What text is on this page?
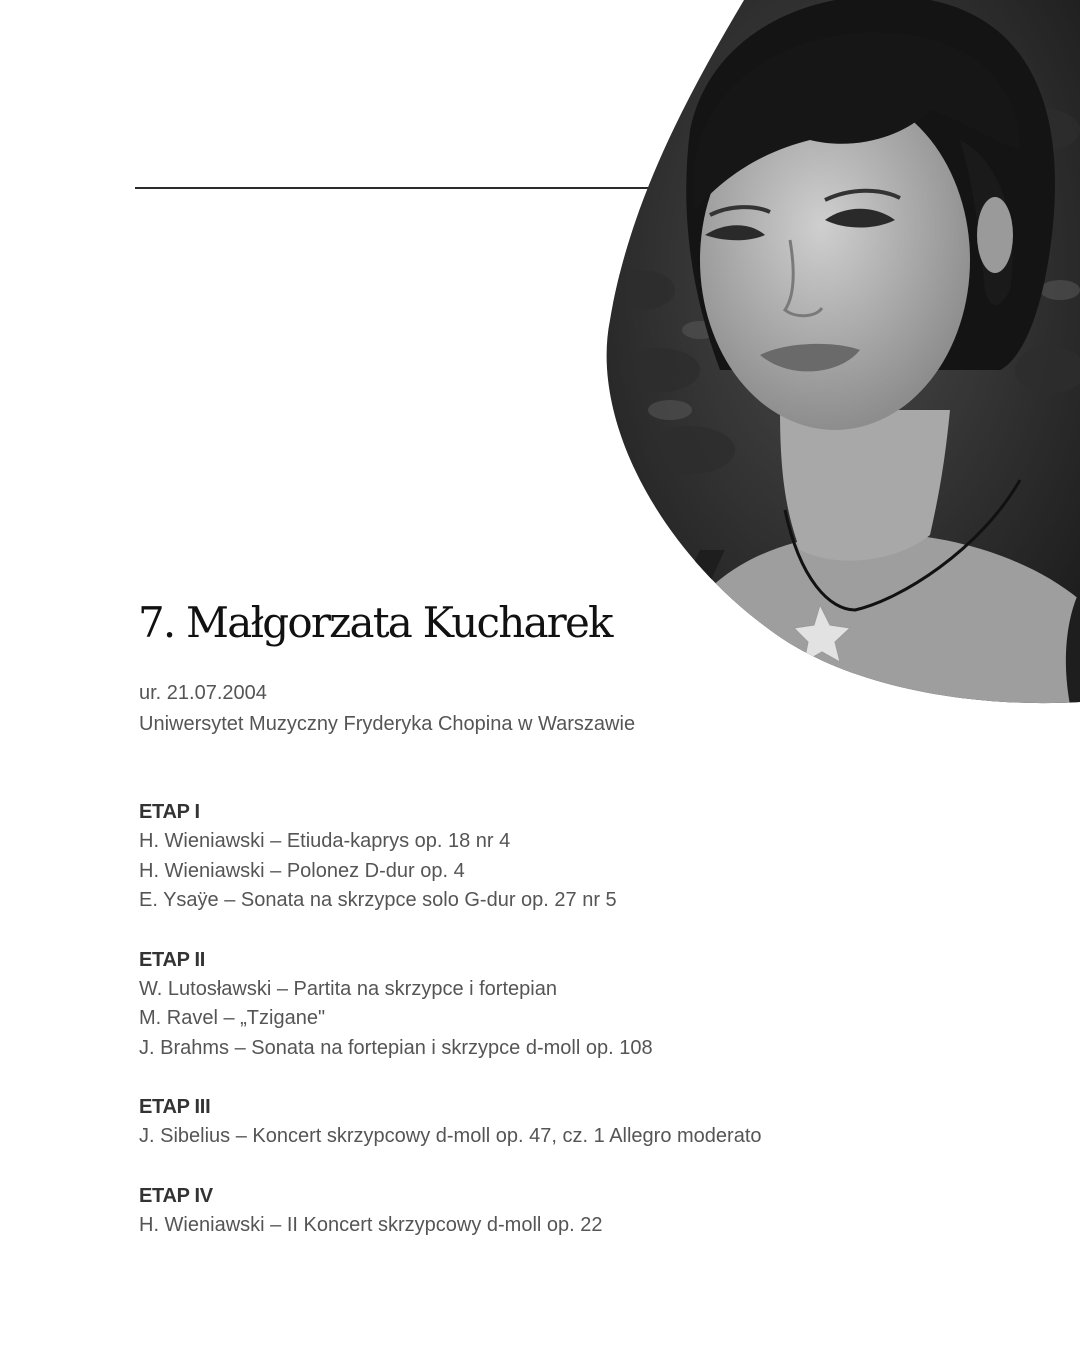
7. Małgorzata Kucharek
ur. 21.07.2004
Uniwersytet Muzyczny Fryderyka Chopina w Warszawie
ETAP I
H. Wieniawski – Etiuda-kaprys op. 18 nr 4
H. Wieniawski – Polonez D-dur op. 4
E. Ysaÿe – Sonata na skrzypce solo G-dur op. 27 nr 5
ETAP II
W. Lutosławski – Partita na skrzypce i fortepian
M. Ravel – „Tzigane"
J. Brahms – Sonata na fortepian i skrzypce d-moll op. 108
ETAP III
J. Sibelius – Koncert skrzypcowy d-moll op. 47, cz. 1 Allegro moderato
ETAP IV
H. Wieniawski – II Koncert skrzypcowy d-moll op. 22
